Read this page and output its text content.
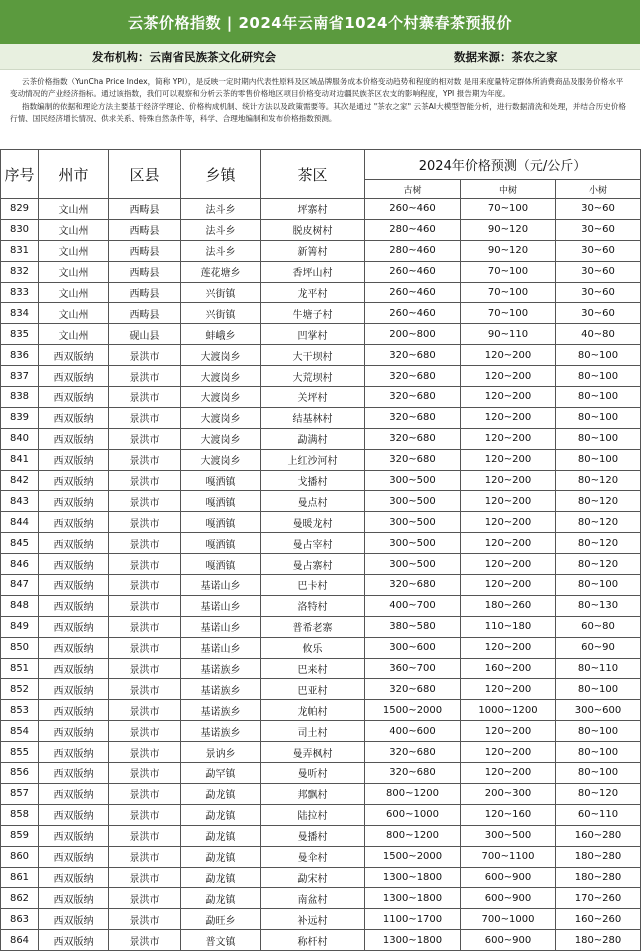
云茶价格指数 | 2024年云南省1024个村寨春茶预报价
发布机构：云南省民族茶文化研究会	数据来源：茶农之家

云茶价格指数（YunCha Price Index，简称 YPI），是反映一定时期内代表性原料及区域品牌服务成本价格变动趋势和程度的相对数 是用来度量特定群体所消费商品及服务价格水平变动情况的产业经济指标。通过该指数，我们可以观察和分析云茶的零售价格地区项目价格变动对边疆民族茶区农支的影响程度，YPI 报告期为年度。

指数编制的依据和理论方法主要基于经济学理论、价格构成机制、统计方法以及政策需要等。其次是通过 "茶农之家" 云茶AI大模型智能分析，进行数据清洗和处理，并结合历史价格行情、国民经济增长情况、供求关系、特殊自然条件等，科学、合理地编制和发布价格指数预测。

序号	州市	区县	乡镇	茶区	2024年价格预测（元/公斤）		
					古树	中树	小树
829	文山州	西畴县	法斗乡	坪寨村	260~460	70~100	30~60
830	文山州	西畴县	法斗乡	脱皮树村	280~460	90~120	30~60
831	文山州	西畴县	法斗乡	新箐村	280~460	90~120	30~60
832	文山州	西畴县	莲花塘乡	香坪山村	260~460	70~100	30~60
833	文山州	西畴县	兴街镇	龙平村	260~460	70~100	30~60
834	文山州	西畴县	兴街镇	牛塘子村	260~460	70~100	30~60
835	文山州	砚山县	蚌峨乡	凹掌村	200~800	90~110	40~80
836	西双版纳	景洪市	大渡岗乡	大干坝村	320~680	120~200	80~100
837	西双版纳	景洪市	大渡岗乡	大荒坝村	320~680	120~200	80~100
838	西双版纳	景洪市	大渡岗乡	关坪村	320~680	120~200	80~100
839	西双版纳	景洪市	大渡岗乡	结基林村	320~680	120~200	80~100
840	西双版纳	景洪市	大渡岗乡	勐满村	320~680	120~200	80~100
841	西双版纳	景洪市	大渡岗乡	上红沙河村	320~680	120~200	80~100
842	西双版纳	景洪市	嘎洒镇	戈播村	300~500	120~200	80~120
843	西双版纳	景洪市	嘎洒镇	曼点村	300~500	120~200	80~120
844	西双版纳	景洪市	嘎洒镇	曼暖龙村	300~500	120~200	80~120
845	西双版纳	景洪市	嘎洒镇	曼占宰村	300~500	120~200	80~120
846	西双版纳	景洪市	嘎洒镇	曼占寨村	300~500	120~200	80~120
847	西双版纳	景洪市	基诺山乡	巴卡村	320~680	120~200	80~100
848	西双版纳	景洪市	基诺山乡	洛特村	400~700	180~260	80~130
849	西双版纳	景洪市	基诺山乡	普希老寨	380~580	110~180	60~80
850	西双版纳	景洪市	基诺山乡	攸乐	300~600	120~200	60~90
851	西双版纳	景洪市	基诺族乡	巴来村	360~700	160~200	80~110
852	西双版纳	景洪市	基诺族乡	巴亚村	320~680	120~200	80~100
853	西双版纳	景洪市	基诺族乡	龙帕村	1500~2000	1000~1200	300~600
854	西双版纳	景洪市	基诺族乡	司土村	400~600	120~200	80~100
855	西双版纳	景洪市	景讷乡	曼弄枫村	320~680	120~200	80~100
856	西双版纳	景洪市	勐罕镇	曼听村	320~680	120~200	80~100
857	西双版纳	景洪市	勐龙镇	邦飘村	800~1200	200~300	80~120
858	西双版纳	景洪市	勐龙镇	陆拉村	600~1000	120~160	60~110
859	西双版纳	景洪市	勐龙镇	曼播村	800~1200	300~500	160~280
860	西双版纳	景洪市	勐龙镇	曼伞村	1500~2000	700~1100	180~280
861	西双版纳	景洪市	勐龙镇	勐宋村	1300~1800	600~900	180~280
862	西双版纳	景洪市	勐龙镇	南盆村	1300~1800	600~900	170~260
863	西双版纳	景洪市	勐旺乡	补远村	1100~1700	700~1000	160~260
864	西双版纳	景洪市	普文镇	称杆村	1300~1800	600~900	180~280
